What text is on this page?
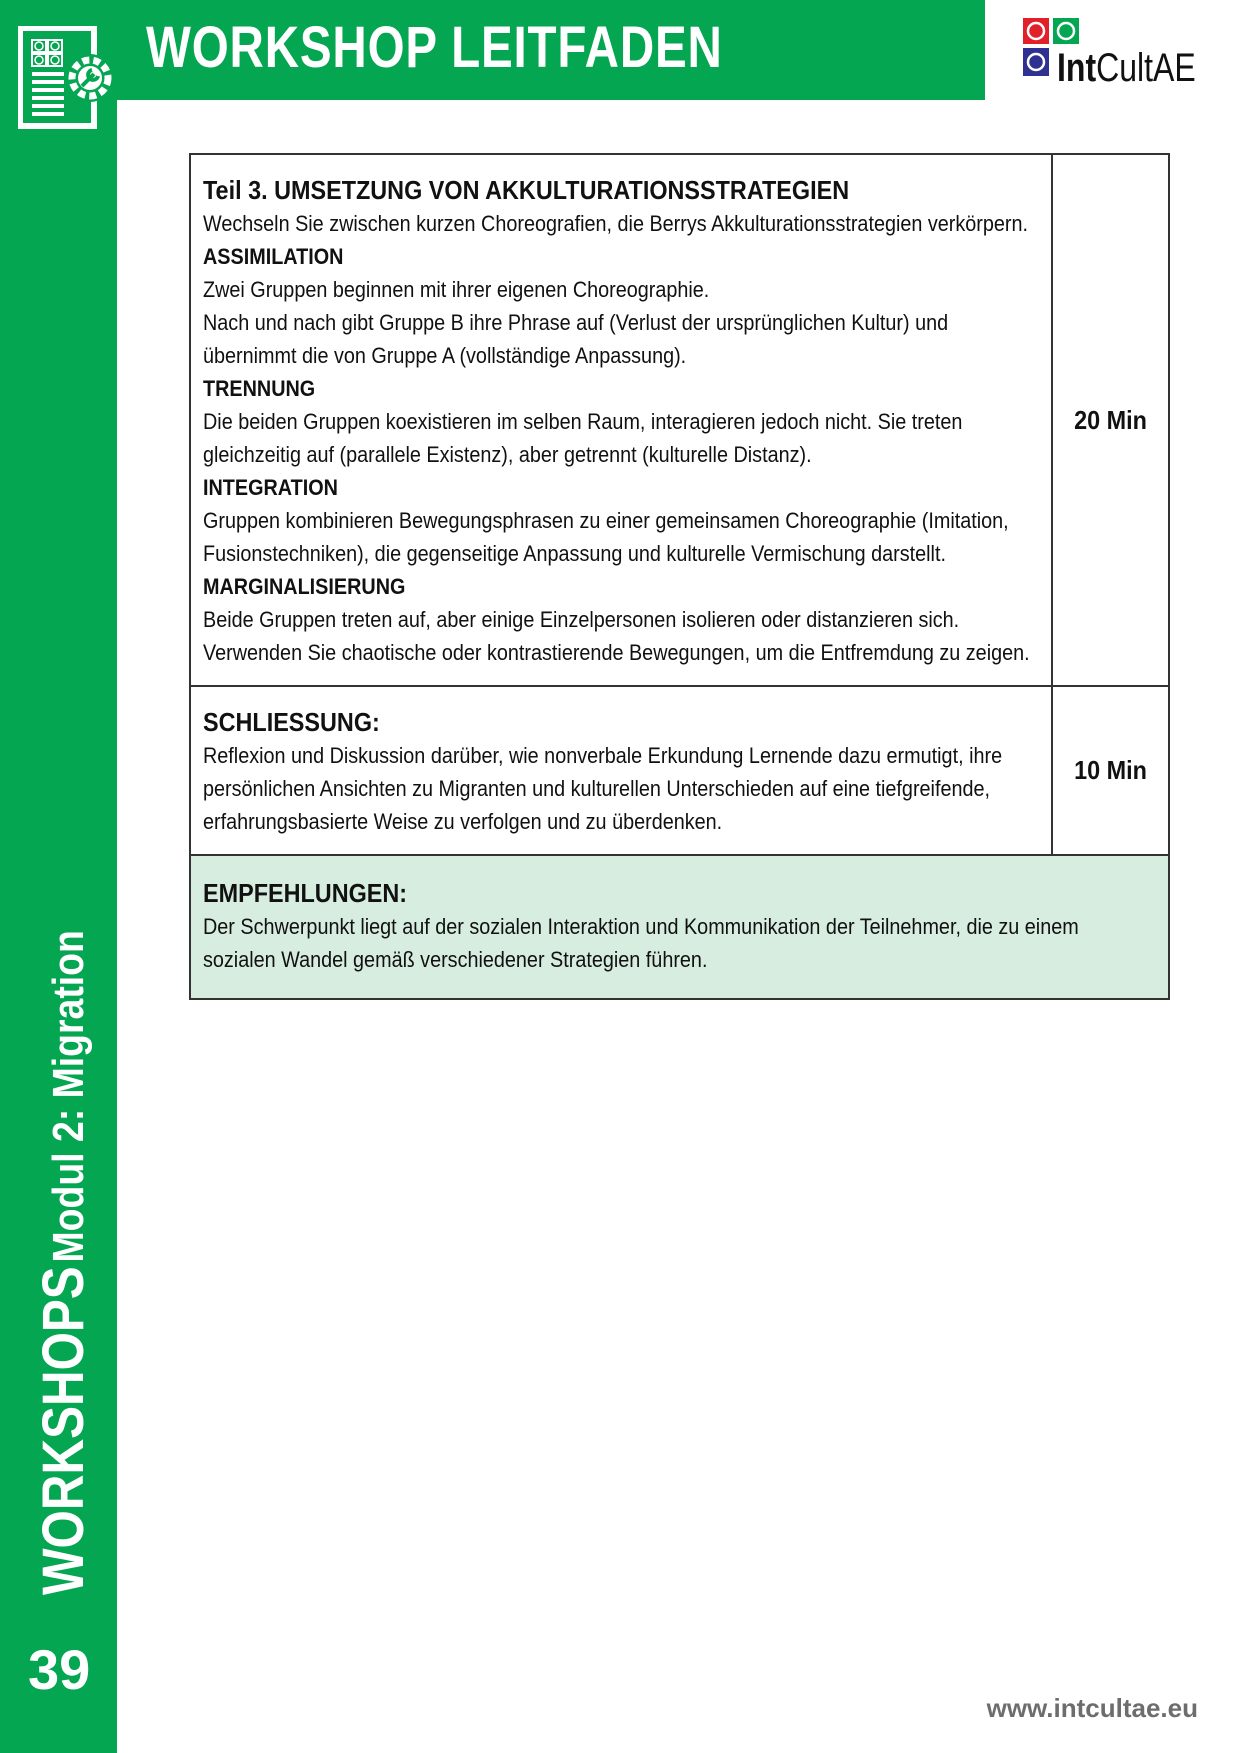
WORKSHOP LEITFADEN	IntCultAE
WORKSHOPS Modul 2: Migration
39
Teil 3. UMSETZUNG VON AKKULTURATIONSSTRATEGIEN
Wechseln Sie zwischen kurzen Choreografien, die Berrys Akkulturationsstrategien verkörpern.
ASSIMILATION
Zwei Gruppen beginnen mit ihrer eigenen Choreographie.
Nach und nach gibt Gruppe B ihre Phrase auf (Verlust der ursprünglichen Kultur) und übernimmt die von Gruppe A (vollständige Anpassung).
TRENNUNG
Die beiden Gruppen koexistieren im selben Raum, interagieren jedoch nicht. Sie treten gleichzeitig auf (parallele Existenz), aber getrennt (kulturelle Distanz).
INTEGRATION
Gruppen kombinieren Bewegungsphrasen zu einer gemeinsamen Choreographie (Imitation, Fusionstechniken), die gegenseitige Anpassung und kulturelle Vermischung darstellt.
MARGINALISIERUNG
Beide Gruppen treten auf, aber einige Einzelpersonen isolieren oder distanzieren sich. Verwenden Sie chaotische oder kontrastierende Bewegungen, um die Entfremdung zu zeigen.
20 Min
SCHLIESSUNG:
Reflexion und Diskussion darüber, wie nonverbale Erkundung Lernende dazu ermutigt, ihre persönlichen Ansichten zu Migranten und kulturellen Unterschieden auf eine tiefgreifende, erfahrungsbasierte Weise zu verfolgen und zu überdenken.
10 Min
EMPFEHLUNGEN:
Der Schwerpunkt liegt auf der sozialen Interaktion und Kommunikation der Teilnehmer, die zu einem sozialen Wandel gemäß verschiedener Strategien führen.
www.intcultae.eu
